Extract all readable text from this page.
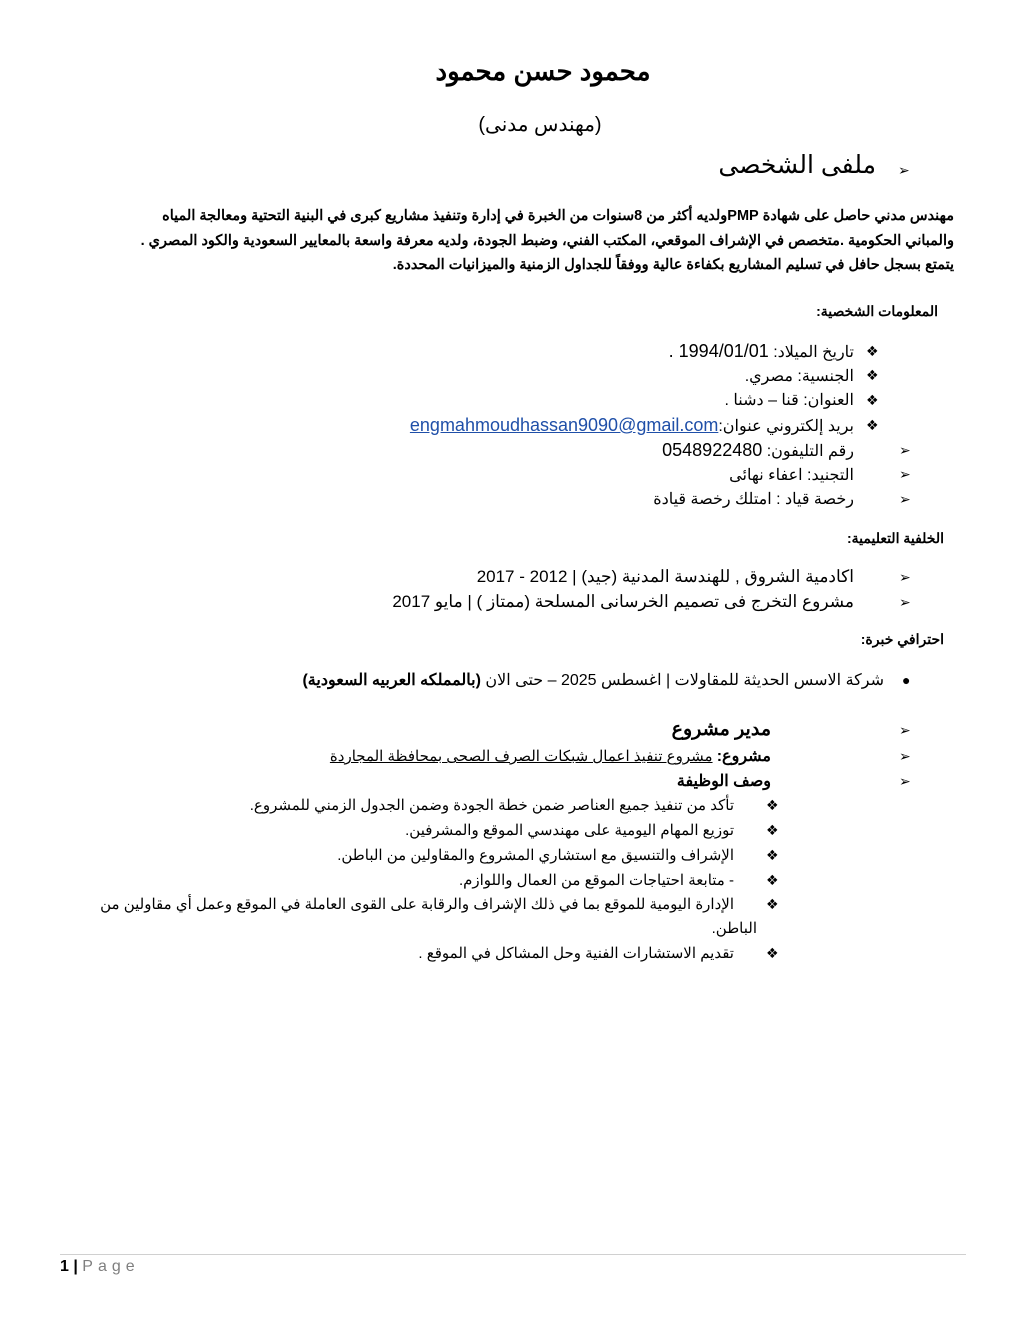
محمود حسن محمود
(مهندس مدنى)
ملفى الشخصى ➢
مهندس مدني حاصل على شهادة PMPولديه أكثر من 8سنوات من الخبرة في إدارة وتنفيذ مشاريع كبرى في البنية التحتية ومعالجة المياه
والمباني الحكومية .متخصص في الإشراف الموقعي، المكتب الفني، وضبط الجودة، ولديه معرفة واسعة بالمعايير السعودية والكود المصري .
يتمتع بسجل حافل في تسليم المشاريع بكفاءة عالية ووفقاً للجداول الزمنية والميزانيات المحددة.
المعلومات الشخصية:
❖
تاريخ الميلاد: 1994/01/01 .
❖
الجنسية: مصري.
❖
العنوان: قنا – دشنا .
❖
بريد إلكتروني عنوان:engmahmoudhassan9090@gmail.com
➢
رقم التليفون: 0548922480
➢
التجنيد: اعفاء نهائى
➢
رخصة قياد : امتلك رخصة قيادة
الخلفية التعليمية:
➢
اكادمية الشروق , للهندسة المدنية (جيد) | 2012 - 2017
➢
مشروع التخرج فى تصميم الخرسانى المسلحة (ممتاز ) | مايو 2017
احترافي خبرة:
●
شركة الاسس الحديثة للمقاولات | اغسطس 2025 – حتى الان (بالمملكه العربيه السعودية)
➢
مدير مشروع
➢
مشروع: مشروع تنفيذ اعمال شبكات الصرف الصحى بمحافظة المجاردة
➢
وصف الوظيفة
❖
تأكد من تنفيذ جميع العناصر ضمن خطة الجودة وضمن الجدول الزمني للمشروع.
❖
توزيع المهام اليومية على مهندسي الموقع والمشرفين.
❖
الإشراف والتنسيق مع استشاري المشروع والمقاولين من الباطن.
❖
- متابعة احتياجات الموقع من العمال واللوازم.
❖
الإدارة اليومية للموقع بما في ذلك الإشراف والرقابة على القوى العاملة في الموقع وعمل أي مقاولين من
الباطن.
❖
تقديم الاستشارات الفنية وحل المشاكل في الموقع .
1 | Page
